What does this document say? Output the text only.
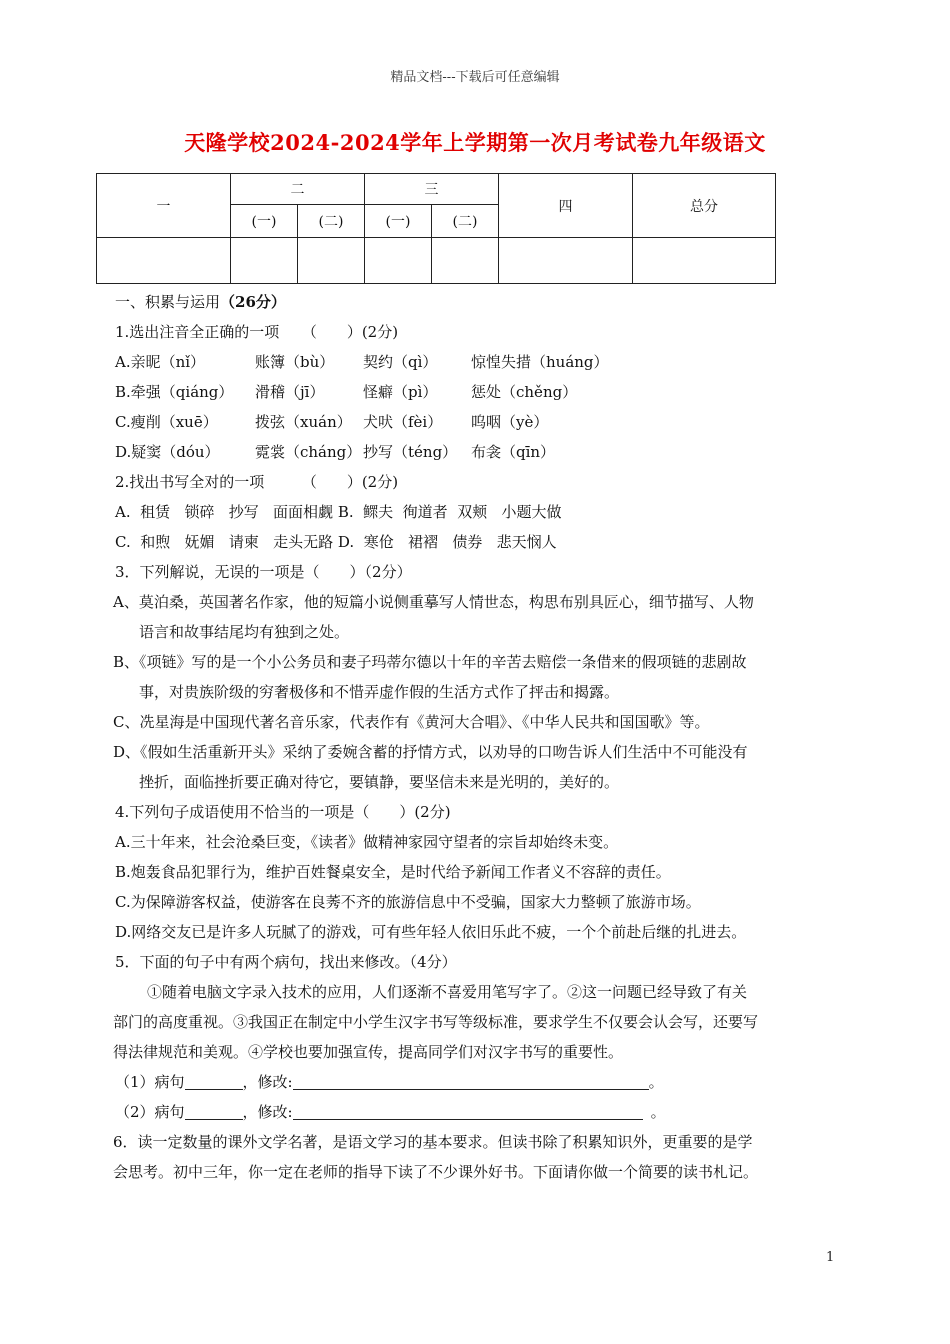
精品文档---下载后可任意编辑
天隆学校2024-2024学年上学期第一次月考试卷九年级语文
一	二		三		四	总分
	(一)	(二)	(一)	(二)		

一、积累与运用（26分）
1.选出注音全正确的一项　　（　　）(2分)
A.亲昵（nǐ）	账簿（bù） 契约（qì） 惊惶失措（huáng）
B.牵强（qiáng） 滑稽（jī）	怪癖（pì） 惩处（chěng）
C.瘦削（xuē） 拨弦（xuán） 犬吠（fèi） 呜咽（yè）
D.疑窦（dóu） 霓裳（cháng） 抄写（téng） 布衾（qīn）
2.找出书写全对的一项　　　（　　）(2分)
A.  租赁   锁碎   抄写   面面相觑 B.  鳏夫  徇道者  双颊   小题大做
C.  和煦   妩媚   请柬   走头无路 D.  寒伧   裙褶   债券   悲天悯人
3．下列解说，无误的一项是（　　）（2分）
A、莫泊桑，英国著名作家，他的短篇小说侧重摹写人情世态，构思布别具匠心，细节描写、人物
语言和故事结尾均有独到之处。
B、《项链》写的是一个小公务员和妻子玛蒂尔德以十年的辛苦去赔偿一条借来的假项链的悲剧故
事，对贵族阶级的穷奢极侈和不惜弄虚作假的生活方式作了抨击和揭露。
C、冼星海是中国现代著名音乐家，代表作有《黄河大合唱》、《中华人民共和国国歌》等。
D、《假如生活重新开头》采纳了委婉含蓄的抒情方式，以劝导的口吻告诉人们生活中不可能没有
挫折，面临挫折要正确对待它，要镇静，要坚信未来是光明的，美好的。
4.下列句子成语使用不恰当的一项是（　　）(2分)
A.三十年来，社会沧桑巨变，《读者》做精神家园守望者的宗旨却始终未变。
B.炮轰食品犯罪行为，维护百姓餐桌安全，是时代给予新闻工作者义不容辞的责任。
C.为保障游客权益，使游客在良莠不齐的旅游信息中不受骗，国家大力整顿了旅游市场。
D.网络交友已是许多人玩腻了的游戏，可有些年轻人依旧乐此不疲，一个个前赴后继的扎进去。
5．下面的句子中有两个病句，找出来修改。（4分）
①随着电脑文字录入技术的应用，人们逐渐不喜爱用笔写字了。②这一问题已经导致了有关
部门的高度重视。③我国正在制定中小学生汉字书写等级标准，要求学生不仅要会认会写，还要写
得法律规范和美观。④学校也要加强宣传，提高同学们对汉字书写的重要性。
（1）病句	，修改:	。
（2）病句	，修改:	。
6．读一定数量的课外文学名著，是语文学习的基本要求。但读书除了积累知识外，更重要的是学
会思考。初中三年，你一定在老师的指导下读了不少课外好书。下面请你做一个简要的读书札记。
1
